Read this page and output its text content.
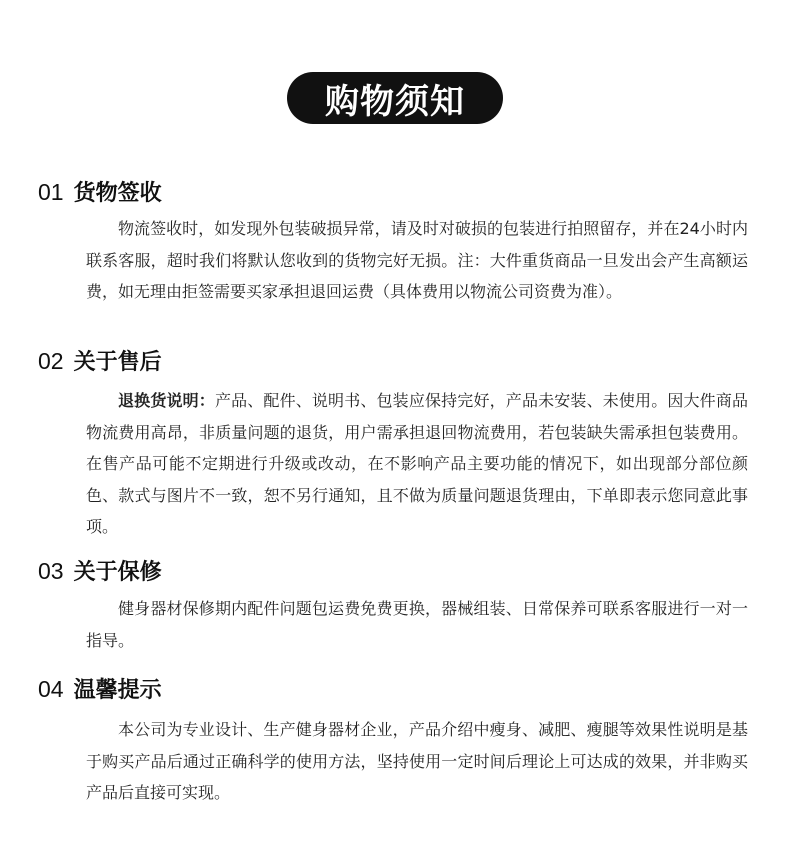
购物须知
01 货物签收
物流签收时，如发现外包装破损异常，请及时对破损的包装进行拍照留存，并在24小时内联系客服，超时我们将默认您收到的货物完好无损。注：大件重货商品一旦发出会产生高额运费，如无理由拒签需要买家承担退回运费（具体费用以物流公司资费为准）。
02 关于售后
退换货说明：产品、配件、说明书、包装应保持完好，产品未安装、未使用。因大件商品物流费用高昂，非质量问题的退货，用户需承担退回物流费用，若包装缺失需承担包装费用。在售产品可能不定期进行升级或改动，在不影响产品主要功能的情况下，如出现部分部位颜色、款式与图片不一致，恕不另行通知，且不做为质量问题退货理由，下单即表示您同意此事项。
03 关于保修
健身器材保修期内配件问题包运费免费更换，器械组装、日常保养可联系客服进行一对一指导。
04 温馨提示
本公司为专业设计、生产健身器材企业，产品介绍中瘦身、减肥、瘦腿等效果性说明是基于购买产品后通过正确科学的使用方法，坚持使用一定时间后理论上可达成的效果，并非购买产品后直接可实现。
